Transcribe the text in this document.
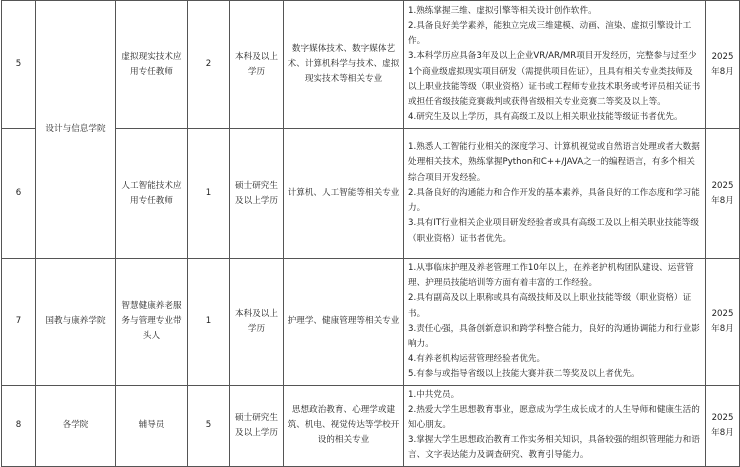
5	设计与信息学院	虚拟现实技术应用专任教师	2	本科及以上学历	数字媒体技术、数字媒体艺术、计算机科学与技术、虚拟现实技术等相关专业	1.熟练掌握三维、虚拟引擎等相关设计创作软件。
2.具备良好美学素养，能独立完成三维建模、动画、渲染、虚拟引擎设计工作。
3.本科学历应具备3年及以上企业VR/AR/MR项目开发经历，完整参与过至少1个商业级虚拟现实项目研发（需提供项目佐证），且具有相关专业类技师及以上职业技能等级（职业资格）证书或工程师专业技术职务或考评员相关证书或担任省级技能竞赛裁判或获得省级相关专业竞赛二等奖及以上等。
4.研究生及以上学历，具有高级工及以上相关职业技能等级证书者优先。	2025年8月
6		人工智能技术应用专任教师	1	硕士研究生及以上学历	计算机、人工智能等相关专业	1.熟悉人工智能行业相关的深度学习、计算机视觉或自然语言处理或者大数据处理相关技术，熟练掌握Python和C++/JAVA之一的编程语言，有多个相关综合项目开发经验。
2.具备良好的沟通能力和合作开发的基本素养，具备良好的工作态度和学习能力。
3.具有IT行业相关企业项目研发经验者或具有高级工及以上相关职业技能等级（职业资格）证书者优先。	2025年8月
7	国教与康养学院	智慧健康养老服务与管理专业带头人	1	本科及以上学历	护理学、健康管理等相关专业	1.从事临床护理及养老管理工作10年以上，在养老护机构团队建设、运营管理、护理员技能培训等方面有着丰富的工作经验。
2.具有副高及以上职称或具有高级技师及以上职业技能等级（职业资格）证书。
3.责任心强，具备创新意识和跨学科整合能力，良好的沟通协调能力和行业影响力。
4.有养老机构运营管理经验者优先。
5.有参与或指导省级以上技能大赛并获二等奖及以上者优先。	2025年8月
8	各学院	辅导员	5	硕士研究生及以上学历	思想政治教育、心理学或建筑、机电、视觉传达等学校开设的相关专业	1.中共党员。
2.热爱大学生思想教育事业，愿意成为学生成长成才的人生导师和健康生活的知心朋友。
3.掌握大学生思想政治教育工作实务相关知识，具备较强的组织管理能力和语言、文字表达能力及调查研究、教育引导能力。	2025年8月
